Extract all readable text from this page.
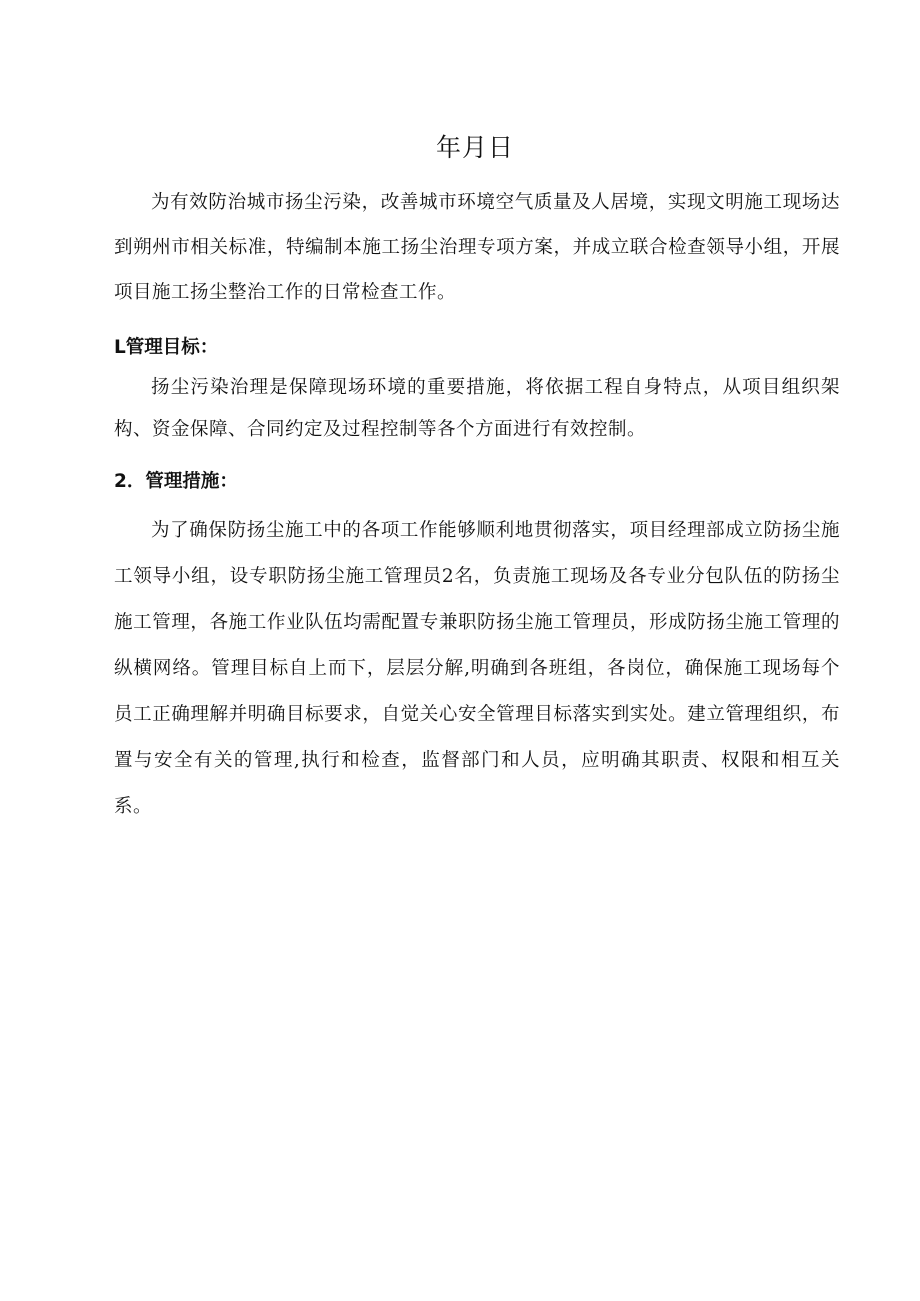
年月日

为有效防治城市扬尘污染，改善城市环境空气质量及人居境，实现文明施工现场达到朔州市相关标准，特编制本施工扬尘治理专项方案，并成立联合检查领导小组，开展项目施工扬尘整治工作的日常检查工作。

L管理目标：

扬尘污染治理是保障现场环境的重要措施，将依据工程自身特点，从项目组织架构、资金保障、合同约定及过程控制等各个方面进行有效控制。

2．管理措施：

为了确保防扬尘施工中的各项工作能够顺利地贯彻落实，项目经理部成立防扬尘施工领导小组，设专职防扬尘施工管理员2名，负责施工现场及各专业分包队伍的防扬尘施工管理，各施工作业队伍均需配置专兼职防扬尘施工管理员，形成防扬尘施工管理的纵横网络。管理目标自上而下，层层分解,明确到各班组，各岗位，确保施工现场每个员工正确理解并明确目标要求，自觉关心安全管理目标落实到实处。建立管理组织，布置与安全有关的管理,执行和检查，监督部门和人员，应明确其职责、权限和相互关系。
